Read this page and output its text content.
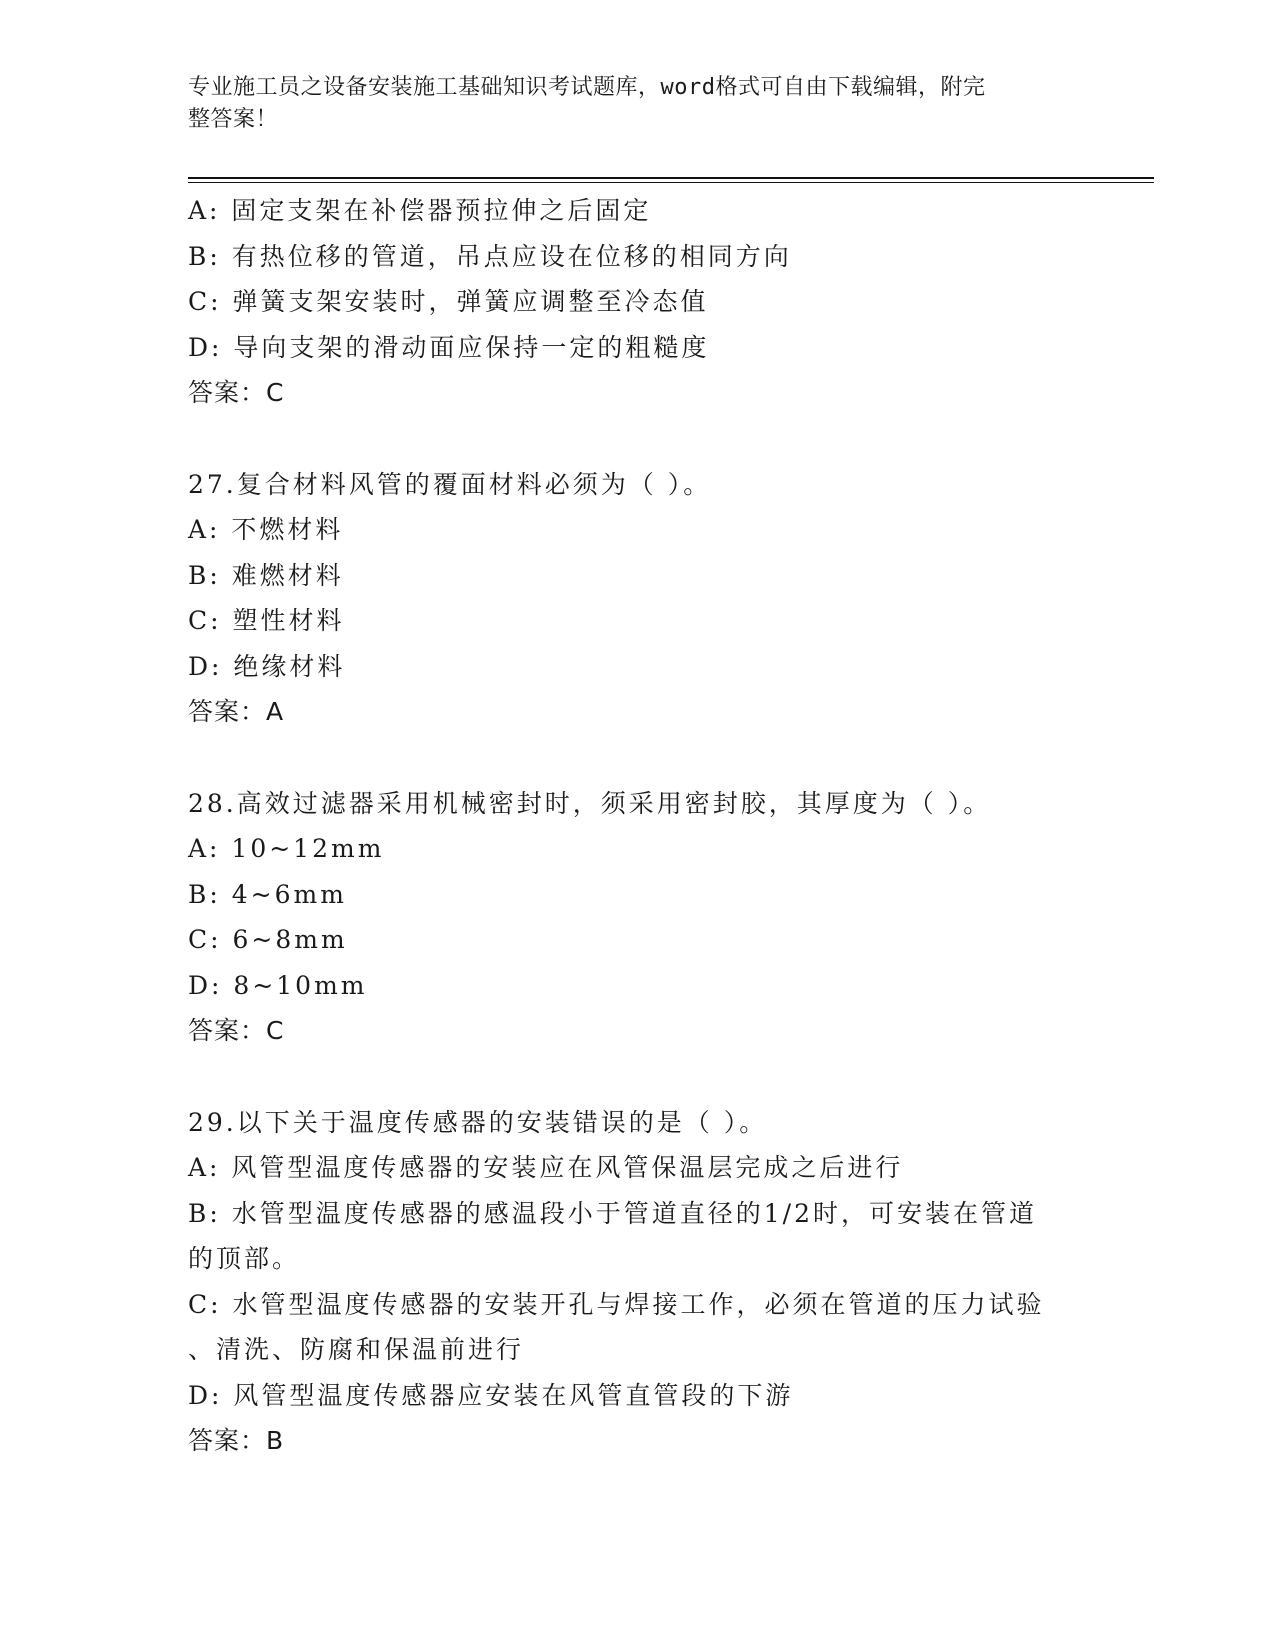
专业施工员之设备安装施工基础知识考试题库，word格式可自由下载编辑，附完
整答案！
A: 固定支架在补偿器预拉伸之后固定
B: 有热位移的管道，吊点应设在位移的相同方向
C: 弹簧支架安装时，弹簧应调整至冷态值
D: 导向支架的滑动面应保持一定的粗糙度
答案：C
27.复合材料风管的覆面材料必须为（ ）。
A: 不燃材料
B: 难燃材料
C: 塑性材料
D: 绝缘材料
答案：A
28.高效过滤器采用机械密封时，须采用密封胶，其厚度为（ ）。
A: 10~12mm
B: 4~6mm
C: 6~8mm
D: 8~10mm
答案：C
29.以下关于温度传感器的安装错误的是（ ）。
A: 风管型温度传感器的安装应在风管保温层完成之后进行
B: 水管型温度传感器的感温段小于管道直径的1/2时，可安装在管道
的顶部。
C: 水管型温度传感器的安装开孔与焊接工作，必须在管道的压力试验
、清洗、防腐和保温前进行
D: 风管型温度传感器应安装在风管直管段的下游
答案：B
